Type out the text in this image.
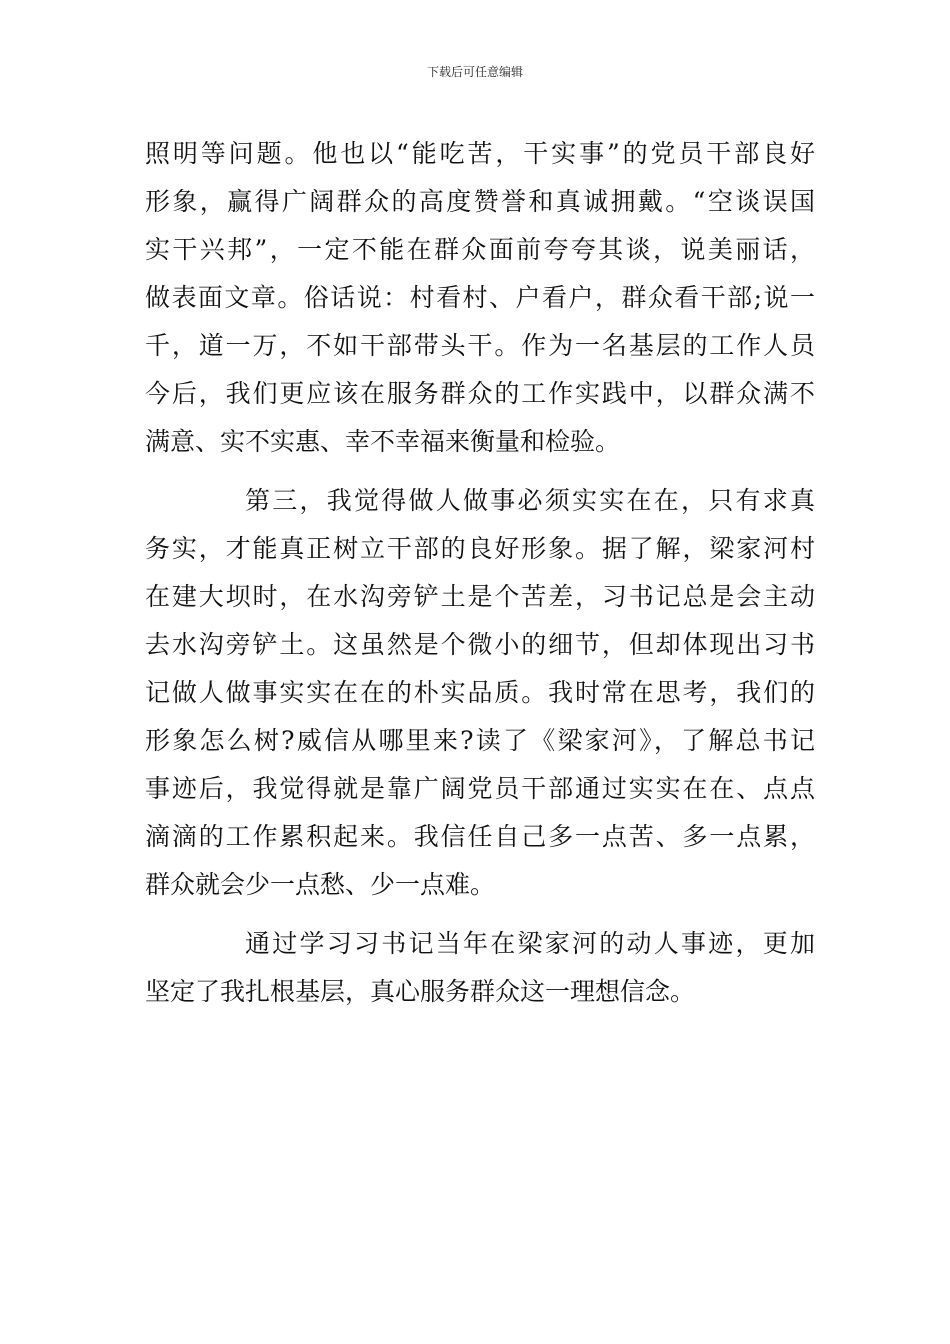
下载后可任意编辑
照明等问题。他也以“能吃苦，干实事”的党员干部良好
形象，赢得广阔群众的高度赞誉和真诚拥戴。“空谈误国
实干兴邦”，一定不能在群众面前夸夸其谈，说美丽话，
做表面文章。俗话说：村看村、户看户，群众看干部;说一
千，道一万，不如干部带头干。作为一名基层的工作人员
今后，我们更应该在服务群众的工作实践中，以群众满不
满意、实不实惠、幸不幸福来衡量和检验。
第三，我觉得做人做事必须实实在在，只有求真
务实，才能真正树立干部的良好形象。据了解，梁家河村
在建大坝时，在水沟旁铲土是个苦差，习书记总是会主动
去水沟旁铲土。这虽然是个微小的细节，但却体现出习书
记做人做事实实在在的朴实品质。我时常在思考，我们的
形象怎么树?威信从哪里来?读了《梁家河》，了解总书记
事迹后，我觉得就是靠广阔党员干部通过实实在在、点点
滴滴的工作累积起来。我信任自己多一点苦、多一点累，
群众就会少一点愁、少一点难。
通过学习习书记当年在梁家河的动人事迹，更加
坚定了我扎根基层，真心服务群众这一理想信念。
